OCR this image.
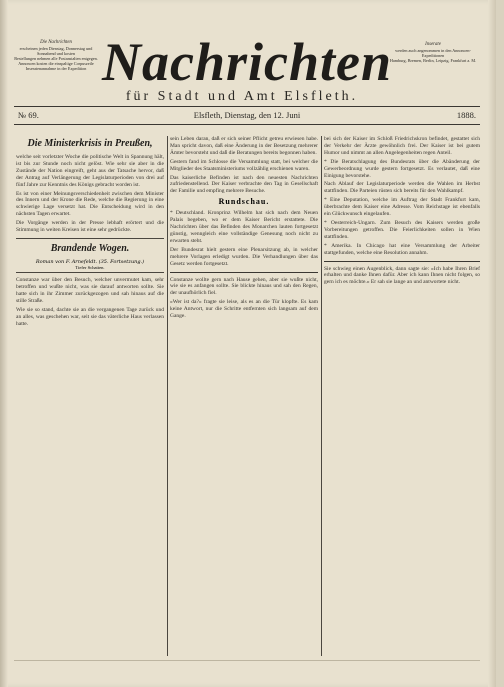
Die Nachrichten
erscheinen jeden Dienstag, Donnerstag und Sonnabend und kosten
Bestellungen nehmen alle Postanstalten entgegen.
Annoncen kosten die einspaltige Corpuszeile
Inseratenannahme in der Expedition Nachrichten
für Stadt und Amt Elsfleth.
Inserate
werden auch angenommen in den Annoncen-Expeditionen
Hamburg, Bremen, Berlin, Leipzig, Frankfurt a. M.
№ 69.	Elsfleth, Dienstag, den 12. Juni	1888.
Die Ministerkrisis in Preußen,

welche seit vorletzter Woche die politische Welt in Spannung hält, ist bis zur Stunde noch nicht gelöst. Wie sehr sie aber in die Zustände der Nation eingreift, geht aus der Tatsache hervor, daß der Antrag auf Verlängerung der Legislaturperioden von drei auf fünf Jahre zur Kenntnis des Königs gebracht worden ist.

Es ist von einer Meinungsverschiedenheit zwischen dem Minister des Innern und der Krone die Rede, welche die Regierung in eine schwierige Lage versetzt hat. Die Entscheidung wird in den nächsten Tagen erwartet.

Die Vorgänge werden in der Presse lebhaft erörtert und die Stimmung in weiten Kreisen ist eine sehr gedrückte.

Brandende Wogen.
Roman von F. Arnefeldt. (35. Fortsetzung.)
Tiefer Schatten.

Constanze war über den Besuch, welcher unvermutet kam, sehr betroffen und wußte nicht, was sie darauf antworten sollte. Sie hatte sich in ihr Zimmer zurückgezogen und sah hinaus auf die stille Straße.

Wie sie so stand, dachte sie an die vergangenen Tage zurück und an alles, was geschehen war, seit sie das väterliche Haus verlassen hatte.

sein Leben daran, daß er sich seiner Pflicht getreu erwiesen habe. Man spricht davon, daß eine Änderung in der Besetzung mehrerer Ämter bevorsteht und daß die Beratungen bereits begonnen haben.

Gestern fand im Schlosse die Versammlung statt, bei welcher die Mitglieder des Staatsministeriums vollzählig erschienen waren.

Das kaiserliche Befinden ist nach den neuesten Nachrichten zufriedenstellend. Der Kaiser verbrachte den Tag in Gesellschaft der Familie und empfing mehrere Besuche.

Rundschau.

* Deutschland. Kronprinz Wilhelm hat sich nach dem Neuen Palais begeben, wo er dem Kaiser Bericht erstattete. Die Nachrichten über das Befinden des Monarchen lauten fortgesetzt günstig, wenngleich eine vollständige Genesung noch nicht zu erwarten steht.

Der Bundesrat hielt gestern eine Plenarsitzung ab, in welcher mehrere Vorlagen erledigt wurden. Die Verhandlungen über das Gesetz werden fortgesetzt.

Constanze wollte gern nach Hause gehen, aber sie wußte nicht, wie sie es anfangen sollte. Sie blickte hinaus und sah den Regen, der unaufhörlich fiel.

»Wer ist da?« fragte sie leise, als es an die Tür klopfte. Es kam keine Antwort, nur die Schritte entfernten sich langsam auf dem Gange.

bei sich der Kaiser im Schloß Friedrichskron befindet, gestattet sich der Verkehr der Ärzte gewöhnlich frei. Der Kaiser ist bei gutem Humor und nimmt an allen Angelegenheiten regen Anteil.

* Die Beratschlagung des Bundesrats über die Abänderung der Gewerbeordnung wurde gestern fortgesetzt. Es verlautet, daß eine Einigung bevorstehe.

Nach Ablauf der Legislaturperiode werden die Wahlen im Herbst stattfinden. Die Parteien rüsten sich bereits für den Wahlkampf.

* Eine Deputation, welche im Auftrag der Stadt Frankfurt kam, überbrachte dem Kaiser eine Adresse. Vom Reichstage ist ebenfalls ein Glückwunsch eingelaufen.

* Oesterreich-Ungarn. Zum Besuch des Kaisers werden große Vorbereitungen getroffen. Die Feierlichkeiten sollen in Wien stattfinden.

* Amerika. In Chicago hat eine Versammlung der Arbeiter stattgefunden, welche eine Resolution annahm.

Sie schwieg einen Augenblick, dann sagte sie: »Ich habe Ihren Brief erhalten und danke Ihnen dafür. Aber ich kann Ihnen nicht folgen, so gern ich es möchte.« Er sah sie lange an und antwortete nicht.
